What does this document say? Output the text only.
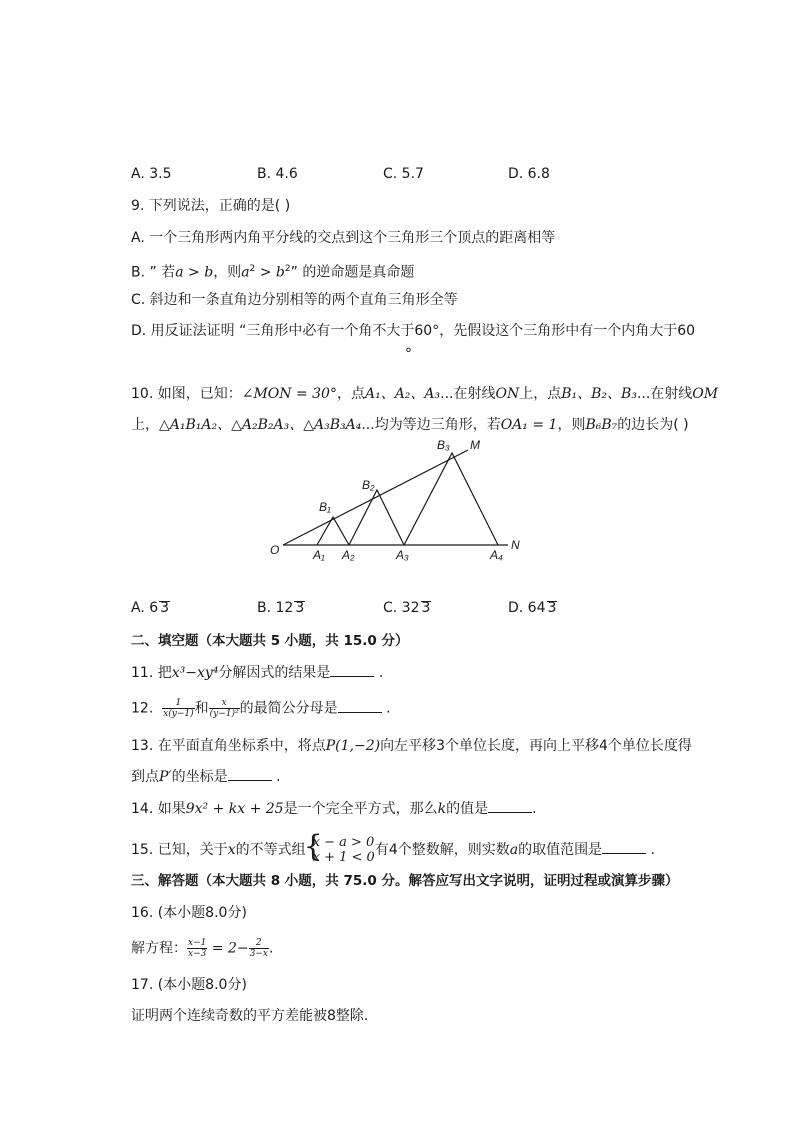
A. 3.5	B. 4.6	C. 5.7	D. 6.8
9. 下列说法，正确的是( )
A. 一个三角形两内角平分线的交点到这个三角形三个顶点的距离相等
B. ” 若a > b，则$a^2 > b^2$” 的逆命题是真命题
C. 斜边和一条直角边分别相等的两个直角三角形全等
D. 用反证法证明 “三角形中必有一个角不大于60°，先假设这个三角形中有一个内角大于60
°
10. 如图，已知：∠MON = 30°，点A₁、A₂、A₃...在射线ON上，点B₁、B₂、B₃...在射线OM
上，△A₁B₁A₂、△A₂B₂A₃、△A₃B₃A₄...均为等边三角形，若OA₁ = 1，则B₆B₇的边长为( )
O	N
M
A₁ A₂	A₃	A₄
B₁
B₂
B₃
A. 6 3	B. 12 3	C. 32 3	D. 64 3
二、填空题（本大题共 5 小题，共 15.0 分）
11. 把x³−xy⁴分解因式的结果是	.
12. $\frac{1}{x(y-1)}$ 和 $\frac{x}{\text{(y−1)²}}$ 的最简公分母是	.
13. 在平面直角坐标系中，将点P(1,−2)向左平移3个单位长度，再向上平移4个单位长度得
到点P′的坐标是	.
14. 如果9x² + kx + 25是一个完全平方式，那么k的值是	.
15. 已知，关于x的不等式组
{
x − a > 0
x + 1 < 0 有4个整数解，则实数a的取值范围是	.
三、解答题（本大题共 8 小题，共 75.0 分。解答应写出文字说明，证明过程或演算步骤）
16. (本小题8.0分)
解方程： $\frac{x-1}{x-3} = 2- \frac{2}{3-x}$ .
17. (本小题8.0分)
证明两个连续奇数的平方差能被8整除.
